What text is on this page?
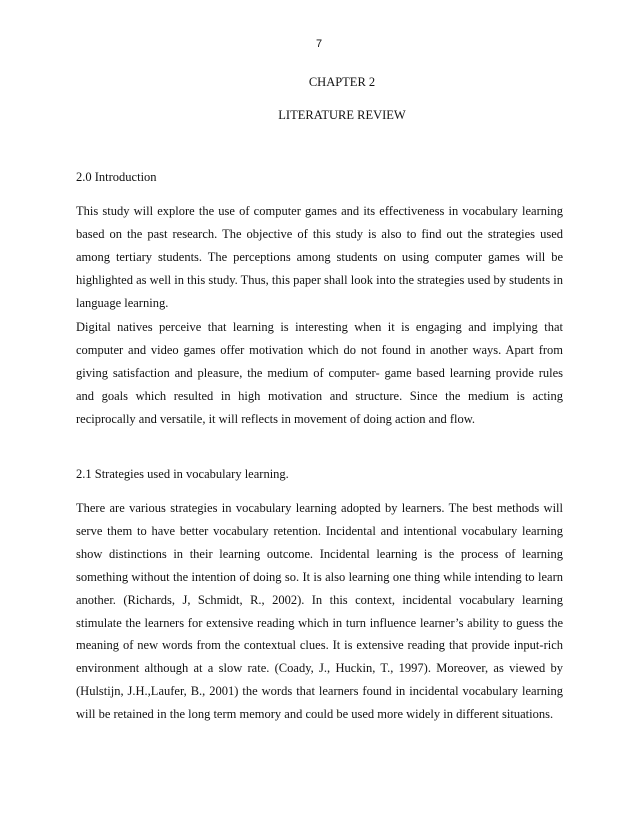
7
CHAPTER 2
LITERATURE REVIEW
2.0 Introduction

This study will explore the use of computer games and its effectiveness in vocabulary learning based on the past research. The objective of this study is also to find out the strategies used among tertiary students. The perceptions among students on using computer games will be highlighted as well in this study. Thus, this paper shall look into the strategies used by students in language learning.

Digital natives perceive that learning is interesting when it is engaging and implying that computer and video games offer motivation which do not found in another ways. Apart from giving satisfaction and pleasure, the medium of computer- game based learning provide rules and goals which resulted in high motivation and structure. Since the medium is acting reciprocally and versatile, it will reflects in movement of doing action and flow.

2.1 Strategies used in vocabulary learning.

There are various strategies in vocabulary learning adopted by learners. The best methods will serve them to have better vocabulary retention. Incidental and intentional vocabulary learning show distinctions in their learning outcome. Incidental learning is the process of learning something without the intention of doing so. It is also learning one thing while intending to learn another. (Richards, J, Schmidt, R., 2002). In this context, incidental vocabulary learning stimulate the learners for extensive reading which in turn influence learner’s ability to guess the meaning of new words from the contextual clues. It is extensive reading that provide input-rich environment although at a slow rate. (Coady, J., Huckin, T., 1997). Moreover, as viewed by (Hulstijn, J.H.,Laufer, B., 2001) the words that learners found in incidental vocabulary learning will be retained in the long term memory and could be used more widely in different situations.
